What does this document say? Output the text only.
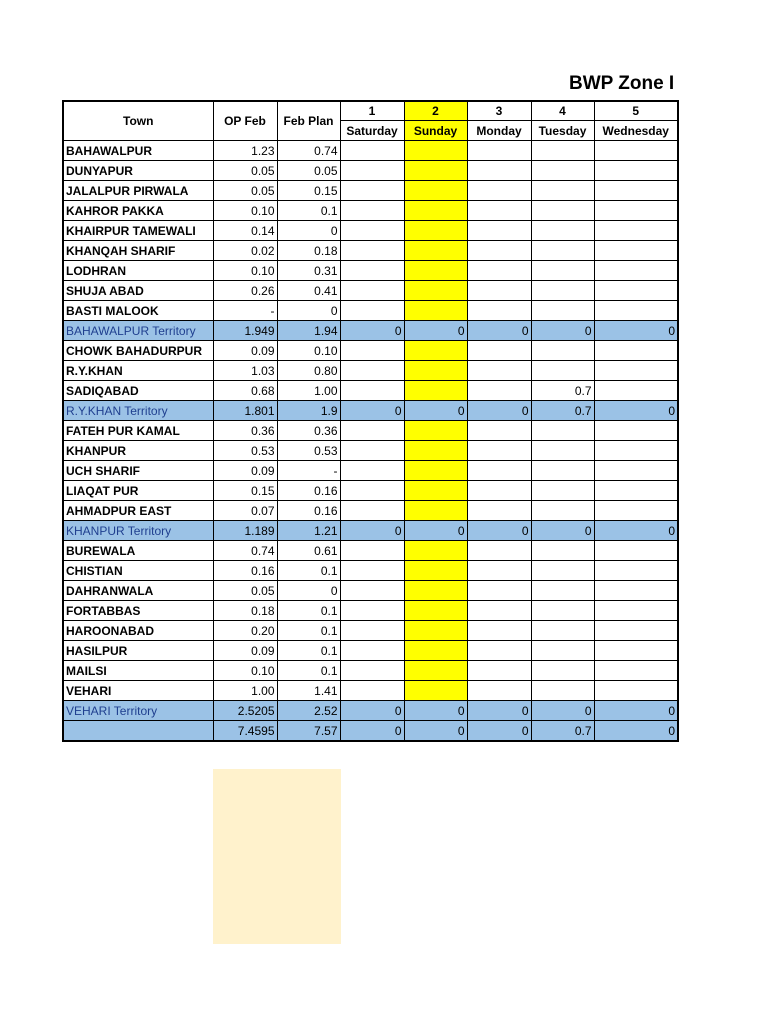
BWP Zone I
Town	OP Feb	Feb Plan	1	2	3	4	5
			Saturday	Sunday	Monday	Tuesday	Wednesday
BAHAWALPUR	1.23	0.74					
DUNYAPUR	0.05	0.05					
JALALPUR PIRWALA	0.05	0.15					
KAHROR PAKKA	0.10	0.1					
KHAIRPUR TAMEWALI	0.14	0					
KHANQAH SHARIF	0.02	0.18					
LODHRAN	0.10	0.31					
SHUJA ABAD	0.26	0.41					
BASTI MALOOK	-	0					
BAHAWALPUR Territory	1.949	1.94	0	0	0	0	0
CHOWK BAHADURPUR	0.09	0.10					
R.Y.KHAN	1.03	0.80					
SADIQABAD	0.68	1.00				0.7	
R.Y.KHAN Territory	1.801	1.9	0	0	0	0.7	0
FATEH PUR KAMAL	0.36	0.36					
KHANPUR	0.53	0.53					
UCH SHARIF	0.09	-					
LIAQAT PUR	0.15	0.16					
AHMADPUR EAST	0.07	0.16					
KHANPUR Territory	1.189	1.21	0	0	0	0	0
BUREWALA	0.74	0.61					
CHISTIAN	0.16	0.1					
DAHRANWALA	0.05	0					
FORTABBAS	0.18	0.1					
HAROONABAD	0.20	0.1					
HASILPUR	0.09	0.1					
MAILSI	0.10	0.1					
VEHARI	1.00	1.41					
VEHARI Territory	2.5205	2.52	0	0	0	0	0
	7.4595	7.57	0	0	0	0.7	0
